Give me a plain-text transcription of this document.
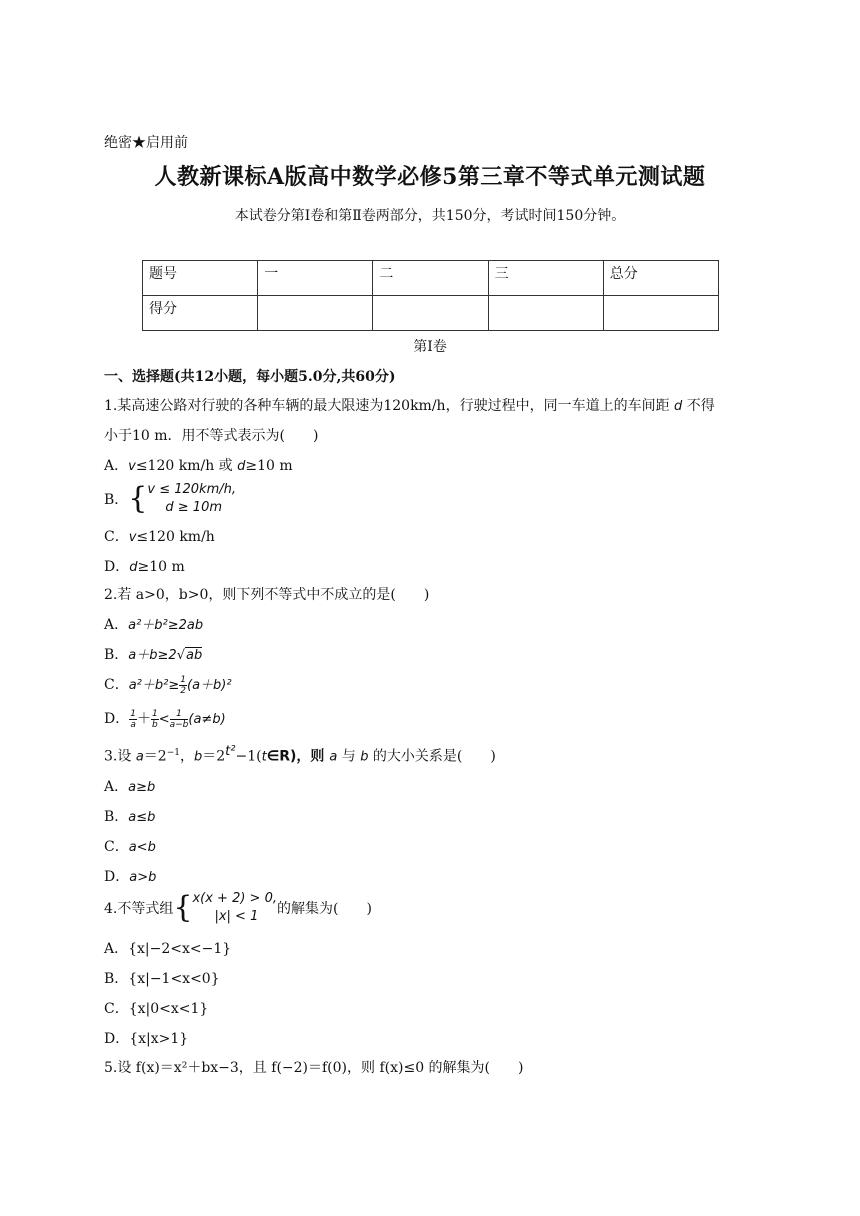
绝密★启用前
人教新课标A版高中数学必修5第三章不等式单元测试题
本试卷分第Ⅰ卷和第Ⅱ卷两部分，共150分，考试时间150分钟。
题号	一	二	三	总分
得分				
第Ⅰ卷
一、选择题(共12小题，每小题5.0分,共60分)
1.某高速公路对行驶的各种车辆的最大限速为120km/h，行驶过程中，同一车道上的车间距 d 不得
小于10 m．用不等式表示为(　　)
A．v≤120 km/h 或 d≥10 m
B．{ v ≤ 120km/h,
d ≥ 10m
C．v≤120 km/h
D．d≥10 m
2.若 a>0，b>0，则下列不等式中不成立的是(　　)
A．a²＋b²≥2ab
B．a＋b≥2√ab
C．$a^2+b^2\ge \frac{1}{2} (a+b)^2$
D． $\frac{1}{a} + \frac{1}{b} < \frac{1}{a-b} (a\ne b)$
3.设 $a=2^{-1}$，$b=2^{t^2}-1(t\in R)$，则 a 与 b 的大小关系是(　　)
A．a≥b
B．a≤b
C．a<b
D．a>b
4.不等式组{ x(x + 2) > 0,
|x| < 1	的解集为(　　)
A．{x|−2<x<−1}
B．{x|−1<x<0}
C．{x|0<x<1}
D．{x|x>1}
5.设 f(x)＝x²＋bx−3，且 f(−2)＝f(0)，则 f(x)≤0 的解集为(　　)
